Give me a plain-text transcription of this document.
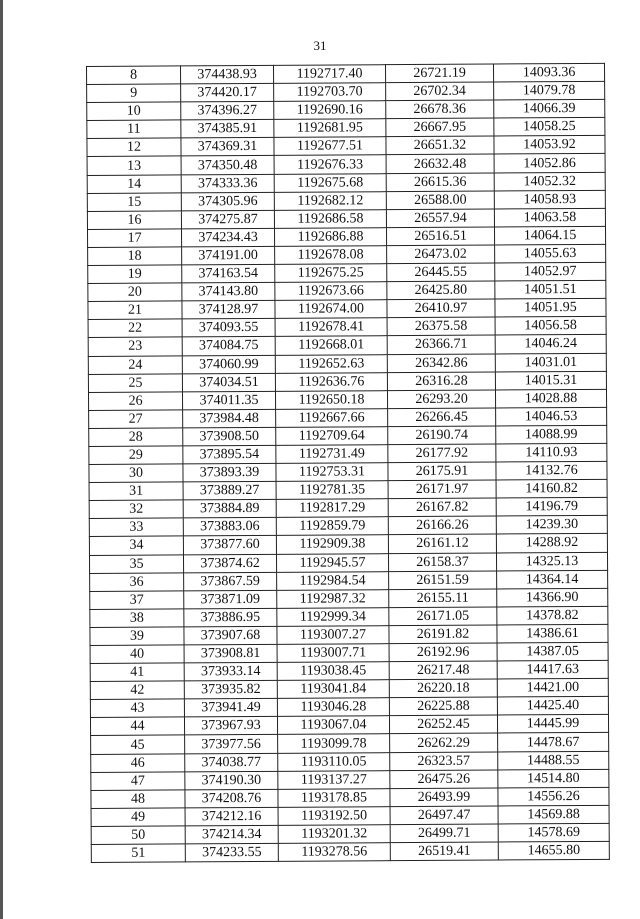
31
8	374438.93	1192717.40	26721.19	14093.36
9	374420.17	1192703.70	26702.34	14079.78
10	374396.27	1192690.16	26678.36	14066.39
11	374385.91	1192681.95	26667.95	14058.25
12	374369.31	1192677.51	26651.32	14053.92
13	374350.48	1192676.33	26632.48	14052.86
14	374333.36	1192675.68	26615.36	14052.32
15	374305.96	1192682.12	26588.00	14058.93
16	374275.87	1192686.58	26557.94	14063.58
17	374234.43	1192686.88	26516.51	14064.15
18	374191.00	1192678.08	26473.02	14055.63
19	374163.54	1192675.25	26445.55	14052.97
20	374143.80	1192673.66	26425.80	14051.51
21	374128.97	1192674.00	26410.97	14051.95
22	374093.55	1192678.41	26375.58	14056.58
23	374084.75	1192668.01	26366.71	14046.24
24	374060.99	1192652.63	26342.86	14031.01
25	374034.51	1192636.76	26316.28	14015.31
26	374011.35	1192650.18	26293.20	14028.88
27	373984.48	1192667.66	26266.45	14046.53
28	373908.50	1192709.64	26190.74	14088.99
29	373895.54	1192731.49	26177.92	14110.93
30	373893.39	1192753.31	26175.91	14132.76
31	373889.27	1192781.35	26171.97	14160.82
32	373884.89	1192817.29	26167.82	14196.79
33	373883.06	1192859.79	26166.26	14239.30
34	373877.60	1192909.38	26161.12	14288.92
35	373874.62	1192945.57	26158.37	14325.13
36	373867.59	1192984.54	26151.59	14364.14
37	373871.09	1192987.32	26155.11	14366.90
38	373886.95	1192999.34	26171.05	14378.82
39	373907.68	1193007.27	26191.82	14386.61
40	373908.81	1193007.71	26192.96	14387.05
41	373933.14	1193038.45	26217.48	14417.63
42	373935.82	1193041.84	26220.18	14421.00
43	373941.49	1193046.28	26225.88	14425.40
44	373967.93	1193067.04	26252.45	14445.99
45	373977.56	1193099.78	26262.29	14478.67
46	374038.77	1193110.05	26323.57	14488.55
47	374190.30	1193137.27	26475.26	14514.80
48	374208.76	1193178.85	26493.99	14556.26
49	374212.16	1193192.50	26497.47	14569.88
50	374214.34	1193201.32	26499.71	14578.69
51	374233.55	1193278.56	26519.41	14655.80
